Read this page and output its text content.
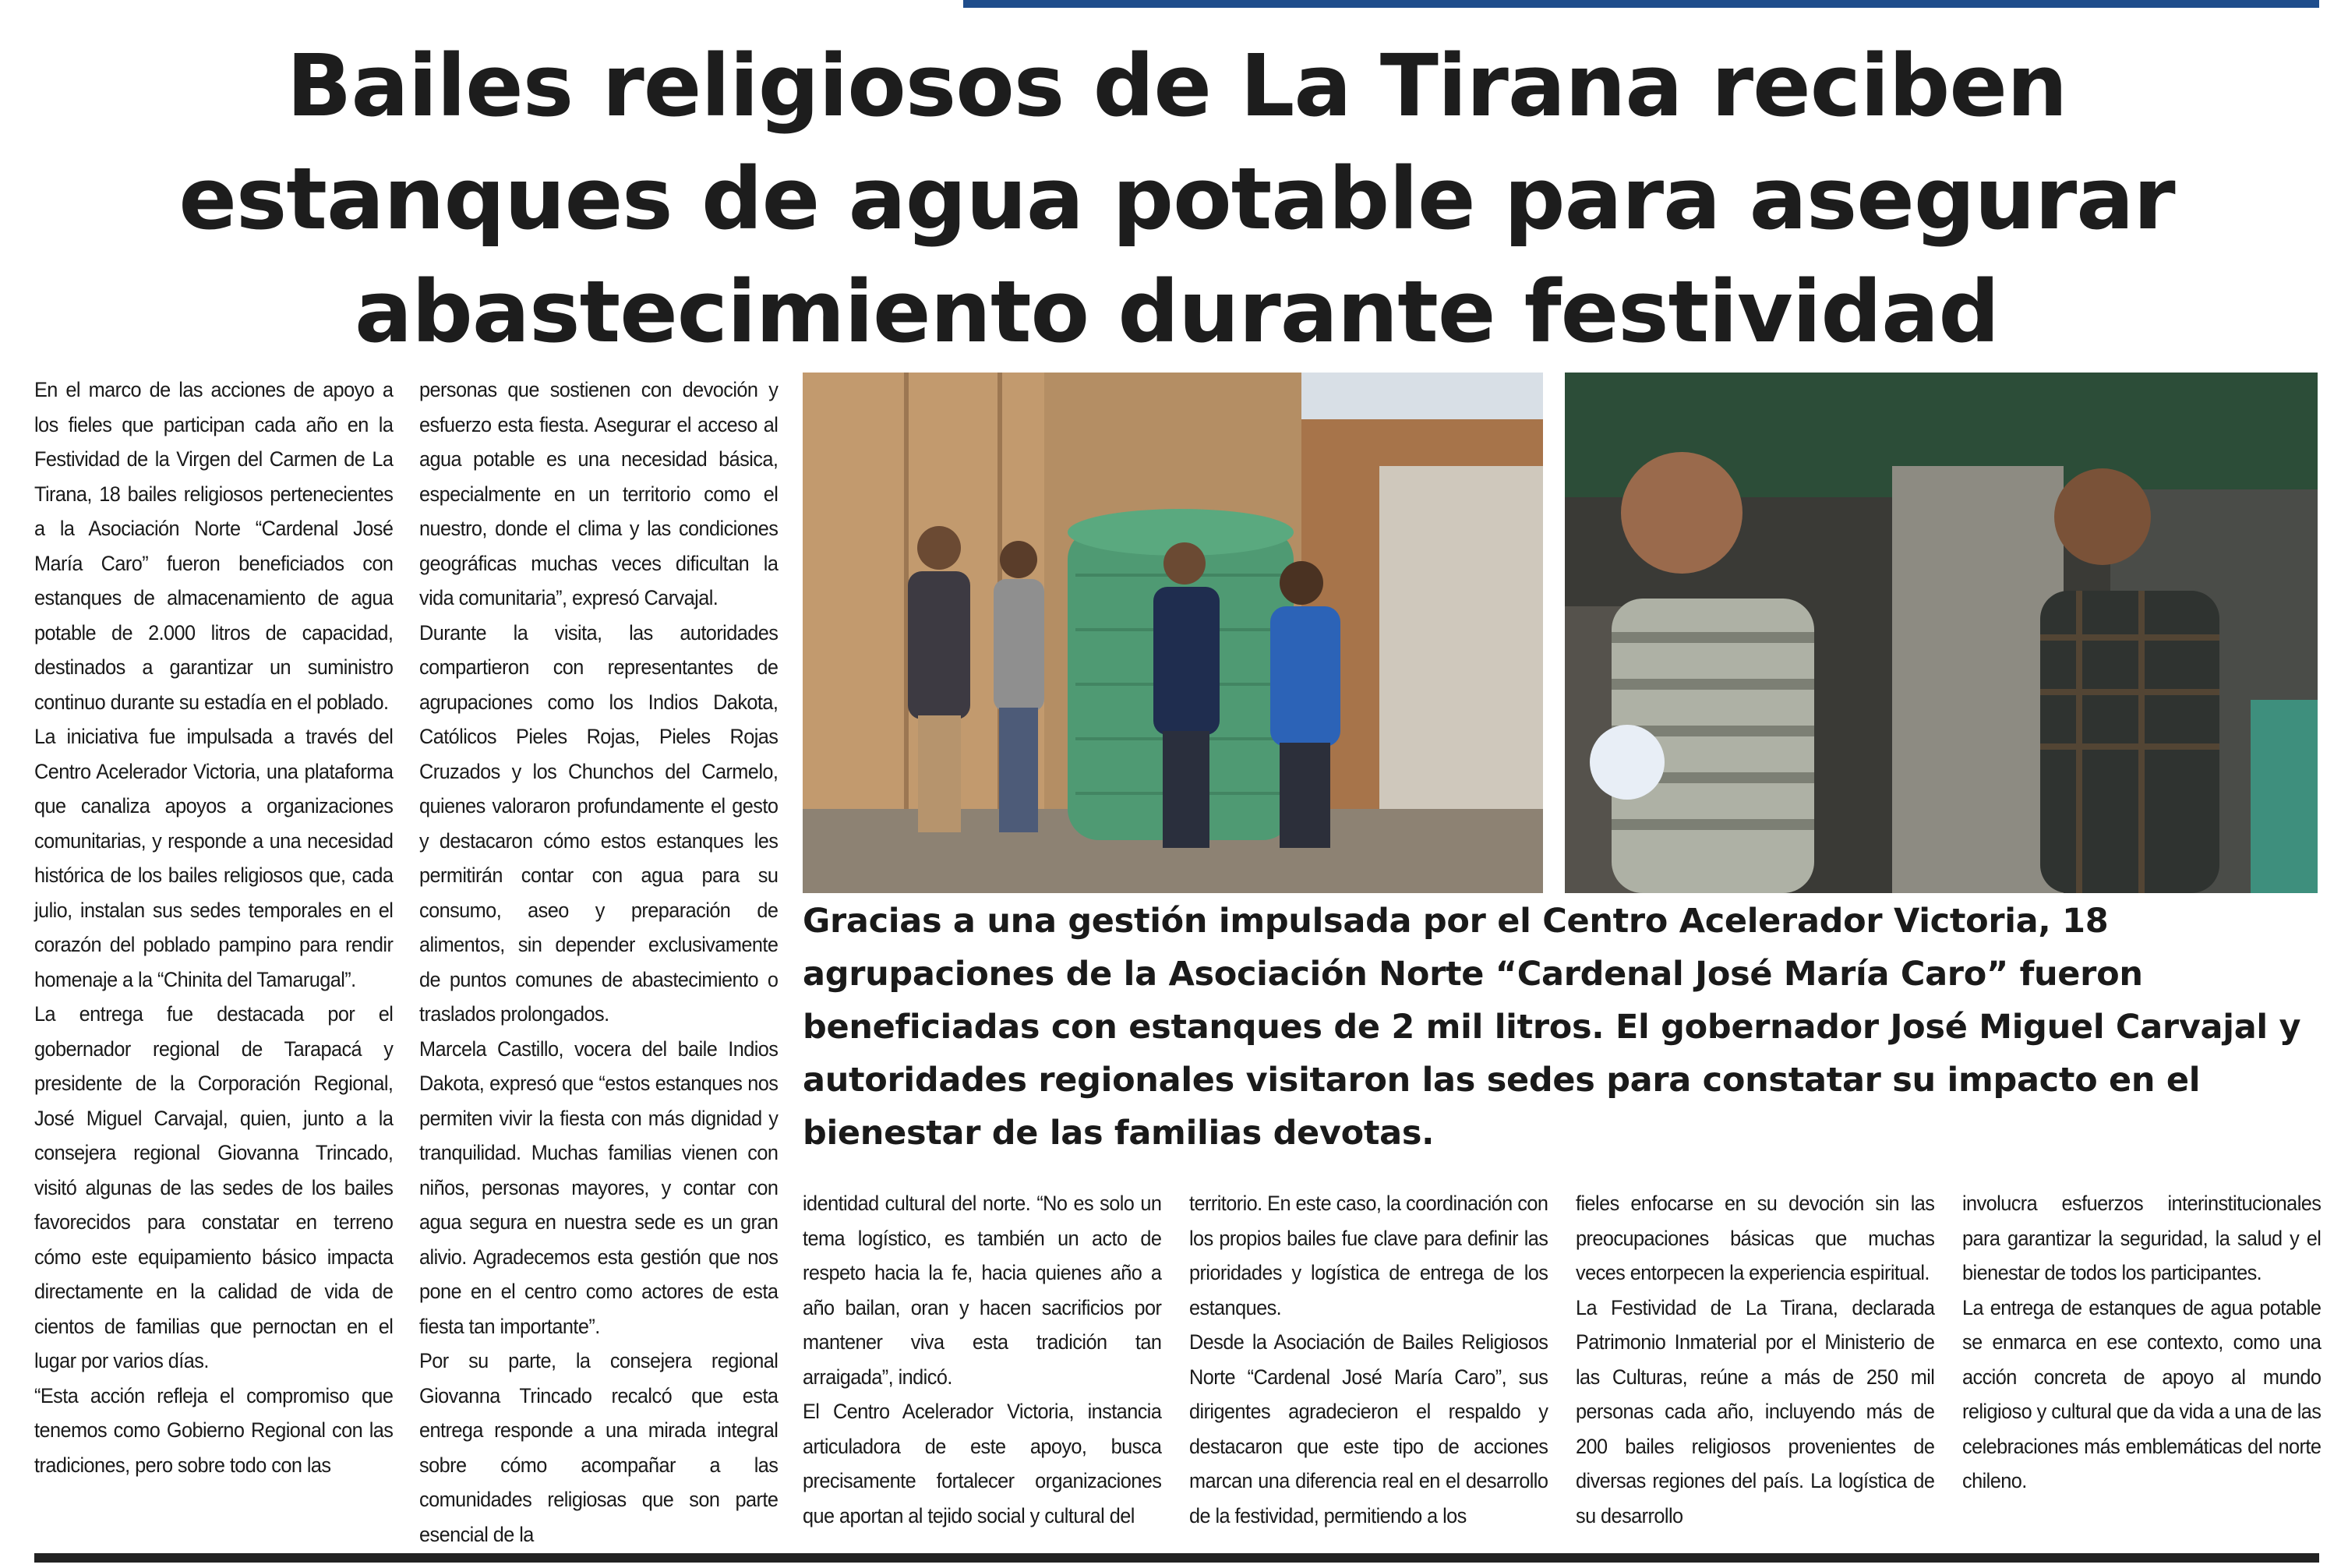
Bailes religiosos de La Tirana reciben estanques de agua potable para asegurar abastecimiento durante festividad

En el marco de las acciones de apoyo a los fieles que participan cada año en la Festividad de la Virgen del Carmen de La Tirana, 18 bailes religiosos pertenecientes a la Asociación Norte “Cardenal José María Caro” fueron beneficiados con estanques de almacenamiento de agua potable de 2.000 litros de capacidad, destinados a garantizar un suministro continuo durante su estadía en el poblado.

La iniciativa fue impulsada a través del Centro Acelerador Victoria, una plataforma que canaliza apoyos a organizaciones comunitarias, y responde a una necesidad histórica de los bailes religiosos que, cada julio, instalan sus sedes temporales en el corazón del poblado pampino para rendir homenaje a la “Chinita del Tamarugal”.

La entrega fue destacada por el gobernador regional de Tarapacá y presidente de la Corporación Regional, José Miguel Carvajal, quien, junto a la consejera regional Giovanna Trincado, visitó algunas de las sedes de los bailes favorecidos para constatar en terreno cómo este equipamiento básico impacta directamente en la calidad de vida de cientos de familias que pernoctan en el lugar por varios días.

“Esta acción refleja el compromiso que tenemos como Gobierno Regional con las tradiciones, pero sobre todo con las

personas que sostienen con devoción y esfuerzo esta fiesta. Asegurar el acceso al agua potable es una necesidad básica, especialmente en un territorio como el nuestro, donde el clima y las condiciones geográficas muchas veces dificultan la vida comunitaria”, expresó Carvajal.

Durante la visita, las autoridades compartieron con representantes de agrupaciones como los Indios Dakota, Católicos Pieles Rojas, Pieles Rojas Cruzados y los Chunchos del Carmelo, quienes valoraron profundamente el gesto y destacaron cómo estos estanques les permitirán contar con agua para su consumo, aseo y preparación de alimentos, sin depender exclusivamente de puntos comunes de abastecimiento o traslados prolongados.

Marcela Castillo, vocera del baile Indios Dakota, expresó que “estos estanques nos permiten vivir la fiesta con más dignidad y tranquilidad. Muchas familias vienen con niños, personas mayores, y contar con agua segura en nuestra sede es un gran alivio. Agradecemos esta gestión que nos pone en el centro como actores de esta fiesta tan importante”.

Por su parte, la consejera regional Giovanna Trincado recalcó que esta entrega responde a una mirada integral sobre cómo acompañar a las comunidades religiosas que son parte esencial de la

Gracias a una gestión impulsada por el Centro Acelerador Victoria, 18 agrupaciones de la Asociación Norte “Cardenal José María Caro” fueron beneficiadas con estanques de 2 mil litros. El gobernador José Miguel Carvajal y autoridades regionales visitaron las sedes para constatar su impacto en el bienestar de las familias devotas.

identidad cultural del norte. “No es solo un tema logístico, es también un acto de respeto hacia la fe, hacia quienes año a año bailan, oran y hacen sacrificios por mantener viva esta tradición tan arraigada”, indicó.

El Centro Acelerador Victoria, instancia articuladora de este apoyo, busca precisamente fortalecer organizaciones que aportan al tejido social y cultural del

territorio. En este caso, la coordinación con los propios bailes fue clave para definir las prioridades y logística de entrega de los estanques.

Desde la Asociación de Bailes Religiosos Norte “Cardenal José María Caro”, sus dirigentes agradecieron el respaldo y destacaron que este tipo de acciones marcan una diferencia real en el desarrollo de la festividad, permitiendo a los

fieles enfocarse en su devoción sin las preocupaciones básicas que muchas veces entorpecen la experiencia espiritual.

La Festividad de La Tirana, declarada Patrimonio Inmaterial por el Ministerio de las Culturas, reúne a más de 250 mil personas cada año, incluyendo más de 200 bailes religiosos provenientes de diversas regiones del país. La logística de su desarrollo

involucra esfuerzos interinstitucionales para garantizar la seguridad, la salud y el bienestar de todos los participantes.

La entrega de estanques de agua potable se enmarca en ese contexto, como una acción concreta de apoyo al mundo religioso y cultural que da vida a una de las celebraciones más emblemáticas del norte chileno.
